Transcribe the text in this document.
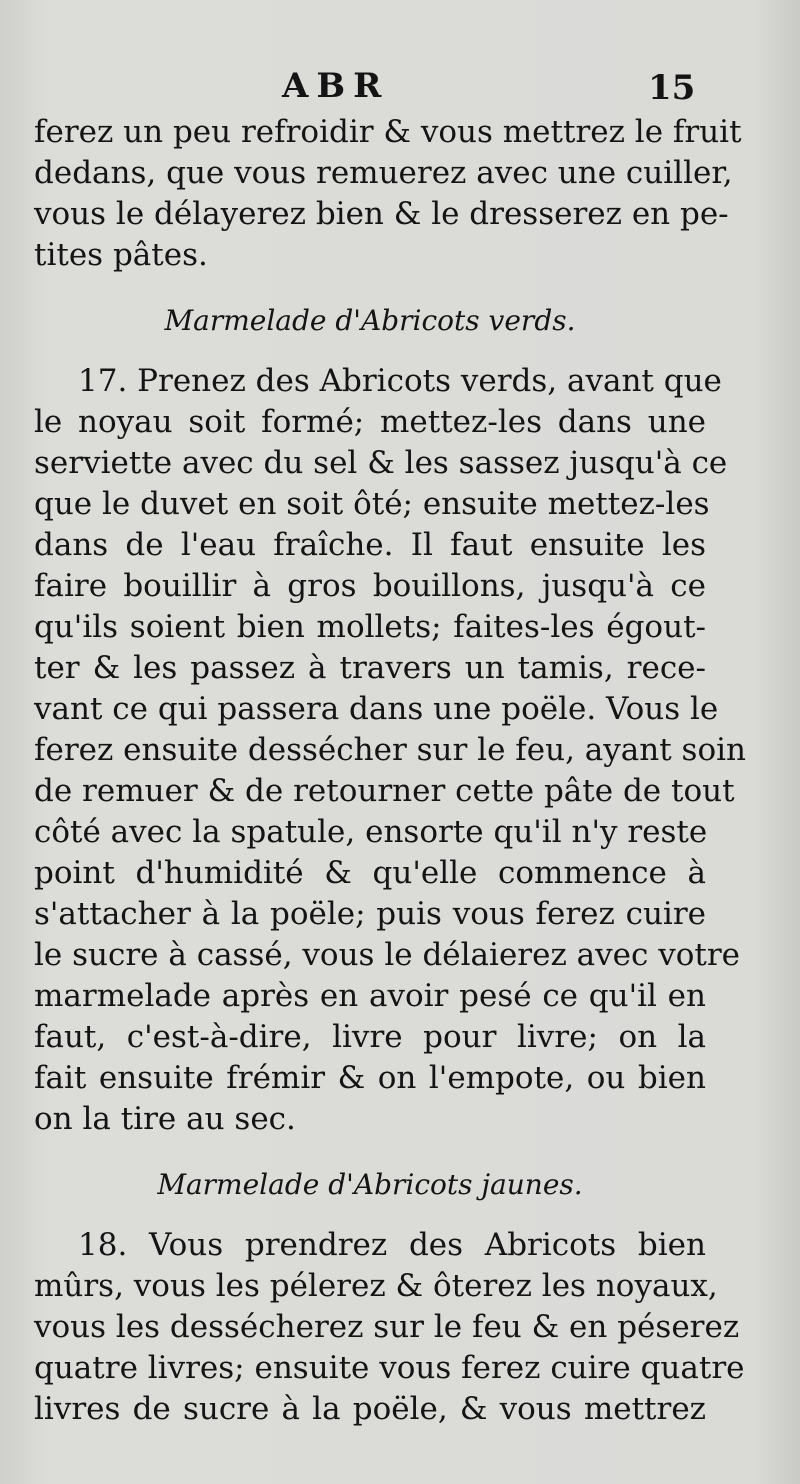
ABR	15
ferez un peu refroidir & vous mettrez le fruit
dedans, que vous remuerez avec une cuiller,
vous le délayerez bien & le dresserez en pe-
tites pâtes.
Marmelade d'Abricots verds.
17. Prenez des Abricots verds, avant que
le noyau soit formé; mettez-les dans une
serviette avec du sel & les sassez jusqu'à ce
que le duvet en soit ôté; ensuite mettez-les
dans de l'eau fraîche. Il faut ensuite les
faire bouillir à gros bouillons, jusqu'à ce
qu'ils soient bien mollets; faites-les égout-
ter & les passez à travers un tamis, rece-
vant ce qui passera dans une poële. Vous le
ferez ensuite dessécher sur le feu, ayant soin
de remuer & de retourner cette pâte de tout
côté avec la spatule, ensorte qu'il n'y reste
point d'humidité & qu'elle commence à
s'attacher à la poële; puis vous ferez cuire
le sucre à cassé, vous le délaierez avec votre
marmelade après en avoir pesé ce qu'il en
faut, c'est-à-dire, livre pour livre; on la
fait ensuite frémir & on l'empote, ou bien
on la tire au sec.
Marmelade d'Abricots jaunes.
18. Vous prendrez des Abricots bien
mûrs, vous les pélerez & ôterez les noyaux,
vous les dessécherez sur le feu & en péserez
quatre livres; ensuite vous ferez cuire quatre
livres de sucre à la poële, & vous mettrez
